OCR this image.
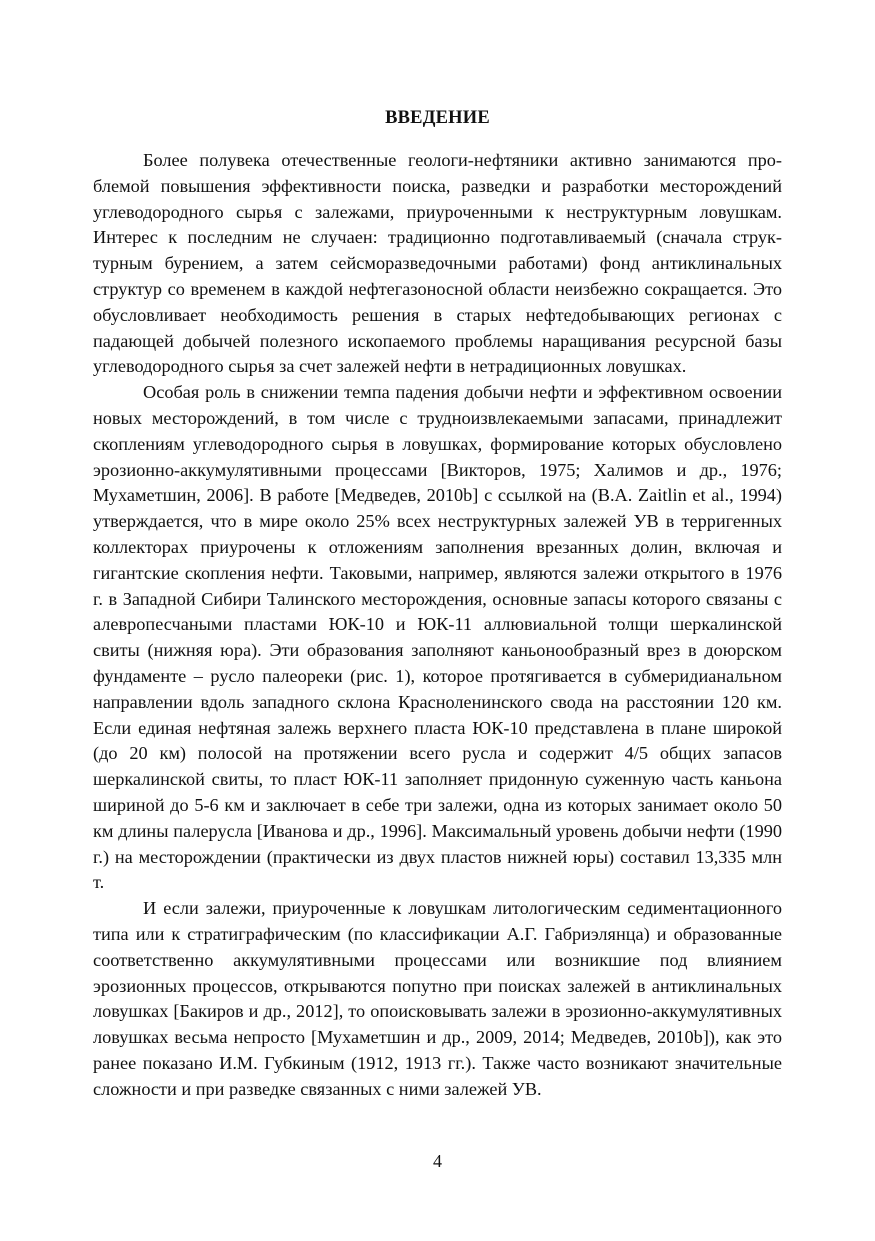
ВВЕДЕНИЕ

Более полувека отечественные геологи-нефтяники активно занимаются проблемой повышения эффективности поиска, разведки и разработки месторождений углеводородного сырья с залежами, приуроченными к неструктурным ловушкам. Интерес к последним не случаен: традиционно подготавливаемый (сначала структурным бурением, а затем сейсморазведочными работами) фонд антиклинальных структур со временем в каждой нефтегазоносной области неизбежно сокращается. Это обусловливает необходимость решения в старых нефтедобывающих регионах с падающей добычей полезного ископаемого проблемы наращивания ресурсной базы углеводородного сырья за счет залежей нефти в нетрадиционных ловушках.

Особая роль в снижении темпа падения добычи нефти и эффективном освоении новых месторождений, в том числе с трудноизвлекаемыми запасами, принадлежит скоплениям углеводородного сырья в ловушках, формирование которых обусловлено эрозионно-аккумулятивными процессами [Викторов, 1975; Халимов и др., 1976; Мухаметшин, 2006]. В работе [Медведев, 2010b] с ссылкой на (B.A. Zaitlin et al., 1994) утверждается, что в мире около 25% всех неструктурных залежей УВ в терригенных коллекторах приурочены к отложениям заполнения врезанных долин, включая и гигантские скопления нефти. Таковыми, например, являются залежи открытого в 1976 г. в Западной Сибири Талинского месторождения, основные запасы которого связаны с алевропесчаными пластами ЮК-10 и ЮК-11 аллювиальной толщи шеркалинской свиты (нижняя юра). Эти образования заполняют каньонообразный врез в доюрском фундаменте – русло палеореки (рис. 1), которое протягивается в субмеридианальном направлении вдоль западного склона Красноленинского свода на расстоянии 120 км. Если единая нефтяная залежь верхнего пласта ЮК-10 представлена в плане широкой (до 20 км) полосой на протяжении всего русла и содержит 4/5 общих запасов шеркалинской свиты, то пласт ЮК-11 заполняет придонную суженную часть каньона шириной до 5-6 км и заключает в себе три залежи, одна из которых занимает около 50 км длины палерусла [Иванова и др., 1996]. Максимальный уровень добычи нефти (1990 г.) на месторождении (практически из двух пластов нижней юры) составил 13,335 млн т.

И если залежи, приуроченные к ловушкам литологическим седиментационного типа или к стратиграфическим (по классификации А.Г. Габриэлянца) и образованные соответственно аккумулятивными процессами или возникшие под влиянием эрозионных процессов, открываются попутно при поисках залежей в антиклинальных ловушках [Бакиров и др., 2012], то опоисковывать залежи в эрозионно-аккумулятивных ловушках весьма непросто [Мухаметшин и др., 2009, 2014; Медведев, 2010b]), как это ранее показано И.М. Губкиным (1912, 1913 гг.). Также часто возникают значительные сложности и при разведке связанных с ними залежей УВ.

4
